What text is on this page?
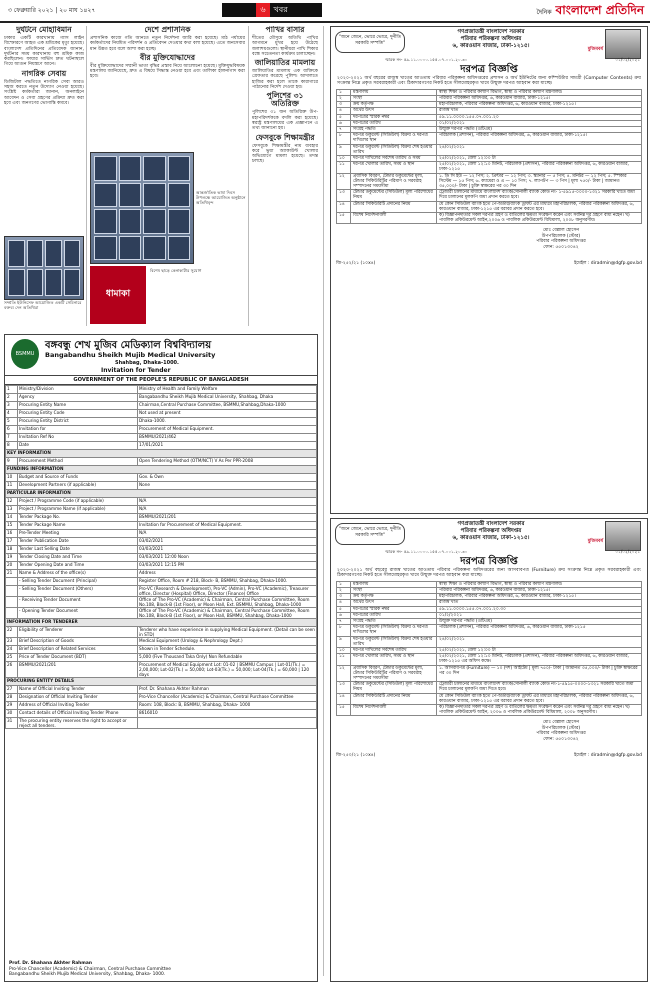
৩ ফেব্রুয়ারি ২০২১ | ২০ মাঘ ১৪২৭	৬ খবর	দৈনিক বাংলাদেশ প্রতিদিন
দুর্ঘটনে মোহাবিমান

ঢাকার একটি কারখানায় গ্যাস লাইন বিস্ফোরণে আহত এক শ্রমিকের মৃত্যু হয়েছে। বাংলাদেশ প্রতিদিনের প্রতিবেদক জানান, দুর্ঘটনার সময় কারখানায় বহু শ্রমিক কাজ করছিলেন। ফায়ার সার্ভিস দ্রুত ঘটনাস্থলে গিয়ে আগুন নিয়ন্ত্রণে আনে।

নাগরিক সেবায়

ডিজিটাল পদ্ধতিতে নাগরিক সেবা আরও সহজ করতে নতুন উদ্যোগ নেওয়া হয়েছে। সংশ্লিষ্ট কর্মকর্তারা জানান, অনলাইনে আবেদন ও সেবা গ্রহণের প্রক্রিয়া দ্রুত করা হবে এবং জনগণের ভোগান্তি কমবে।

সম্প্রতি ইউনিসেফ আয়োজিত একটি সেমিনারে বক্তব্য দেন অতিথিরা
দেশে প্রশাসনিক

প্রশাসনিক কাজে গতি আনতে নতুন নির্দেশনা জারি করা হয়েছে। মাঠ পর্যায়ের কর্মকর্তাদের নিয়মিত পরিদর্শন ও প্রতিবেদন দেওয়ার কথা বলা হয়েছে। এতে জনসেবার মান উন্নত হবে বলে আশা করা হচ্ছে।

বীর মুক্তিযোদ্ধাদের

বীর মুক্তিযোদ্ধাদের সম্মানী ভাতা বৃদ্ধির প্রস্তাব নিয়ে আলোচনা হয়েছে। মুক্তিযুদ্ধবিষয়ক মন্ত্রণালয় জানিয়েছে, দ্রুত এ বিষয়ে সিদ্ধান্ত নেওয়া হবে এবং তালিকা হালনাগাদ করা হবে।

আন্তর্জাতিক ভাষা দিবস উপলক্ষে আয়োজিত অনুষ্ঠানে অতিথিবৃন্দ
ধামাকা
বিশেষ ছাড়ে কেনাকাটার সুযোগ
পাখির বাসার

শীতের মৌসুমে অতিথি পাখির আগমনে মুখর হয়ে উঠেছে জলাশয়গুলো। স্থানীয়রা পাখি শিকার বন্ধে সচেতনতা কার্যক্রম চালাচ্ছেন।

জালিয়াতির মামলায়

জালিয়াতির মামলায় এক ব্যক্তিকে গ্রেফতার করেছে পুলিশ। আদালতে হাজির করা হলে তাকে কারাগারে পাঠানোর নির্দেশ দেওয়া হয়।

পুলিশের ৩১ অতিরিক্ত

পুলিশের ৩১ জন অতিরিক্ত উপ-মহাপরিদর্শককে বদলি করা হয়েছে। স্বরাষ্ট্র মন্ত্রণালয়ের এক প্রজ্ঞাপনে এ তথ্য জানানো হয়।

ফেসবুকে শিক্ষামন্ত্রীর

ফেসবুকে শিক্ষামন্ত্রীর নাম ব্যবহার করে ভুয়া অ্যাকাউন্ট খোলার অভিযোগে মামলা হয়েছে। তদন্ত চলছে।

BSMMU
বঙ্গবন্ধু শেখ মুজিব মেডিক্যাল বিশ্ববিদ্যালয়
Bangabandhu Sheikh Mujib Medical University
Shahbag, Dhaka-1000.
Invitation for Tender
GOVERNMENT OF THE PEOPLE'S REPUBLIC OF BANGLADESH
1	Ministry/Division	Ministry of Health and Family Welfare
2	Agency	Bangabandhu Sheikh Mujib Medical University, Shahbag, Dhaka
3	Procuring Entity Name	Chairman,Central Purchase Committee, BSMMU,Shahbag,Dhaka-1000
4	Procuring Entity Code	Not used at present
5	Procuring Entity District	Dhaka-1000.
6	Invitation for	Procurement of Medical Equipment.
7	Invitation Ref No	BSMMU/2021/462
8	Date	17/01/2021
KEY INFORMATION		
9	Procurement Method	Open Tendering Method (OTM/NCT) V As Per PPR-2008
FUNDING INFORMATION		
10	Budget and Source of Funds	Gov. & Own
11	Development Partners (if applicable)	None
PARTICULAR INFORMATION		
12	Project / Programme Code (if applicable)	N/A
13	Project / Programme Name (if applicable)	N/A
14	Tender Package No.	BSMMU/2021/201
15	Tender Package Name	Invitation for Procurement of Medical Equipment.
16	Pre-Tender Meeting	N/A
17	Tender Publication Date	03/02/2021
18	Tender Last Selling Date	03/03/2021
19	Tender Closing Date and Time	03/03/2021 12:00 Noon
20	Tender Opening Date and Time	03/03/2021 12:15 PM
21	Name & Address of the office(s)	Address
	- Selling Tender Document (Principal)	Register Office, Room # 218, Block- B, BSMMU, Shahbag, Dhaka-1000.
	- Selling Tender Document (Others)	Pro-VC (Research & Development), Pro-VC (Admin), Pro-VC (Academic), Treasurer office, Director (Hospital) Office, Director (Finance) Office
	- Receiving Tender Document	Office of The Pro-VC (Academic) & Chairman, Central Purchase Committee, Room No.108, Block-B (1st Floor), or Moon Hall, Ext. BSMMU, Shahbag, Dhaka-1000
	- Opening Tender Document	Office of The Pro-VC (Academic) & Chairman, Central Purchase Committee, Room No.108, Block-B (1st Floor), or Moon Hall, BSMMU, Shahbag, Dhaka-1000
INFORMATION FOR TENDERER		
22	Eligibility of Tenderer	Tenderer who have experience in supplying Medical Equipment. (Detail can be seen in STD)
23	Brief Description of Goods	Medical Equipment (Urology & Nephrology Dept.)
24	Brief Description of Related Services	Shown in Tender Schedule.
25	Price of Tender Document (BDT)	5,000 (Five Thousand Taka Only) Non Refundable
26	BSMMU/2021/201	Procurement of Medical Equipment Lot: 01-02 | BSMMU Campus | Lot-01(Tk.) = 2,00,000; Lot-02(Tk.) = 50,000; Lot-03(Tk.) = 50,000; Lot-04(Tk.) = 60,000 | 120 days
PROCURING ENTITY DETAILS		
27	Name of Official Inviting Tender	Prof. Dr. Shahana Akhter Rahman
28	Designation of Official Inviting Tender	Pro-Vice Chancellor (Academic) & Chairman, Central Purchase Committee
29	Address of Official Inviting Tender	Room: 108, Block: B, BSMMU, Shahbag, Dhaka- 1000
30	Contact details of Official Inviting Tender Phone	8616010
31	The procuring entity reserves the right to accept or reject all tenders.	
Prof. Dr. Shahana Akhter Rahman
Pro-Vice Chancellor (Academic) & Chairman, Central Purchase Committee
Bangabandhu Sheikh Mujib Medical University, Shahbag, Dhaka- 1000.
"জনে জেনে, ভোরে ভোরে, দুর্নীতি সরকারি সম্পত্তি"
গণপ্রজাতন্ত্রী বাংলাদেশ সরকার
পরিবার পরিকল্পনা অধিদপ্তর
৬, কারওয়ান বাজার, ঢাকা-১২১৫।
মুজিববর্ষ
স্মারক নং- ৫৯.১১.০০০০.১৫৫.০৭.০০১.২০.৩০	০১/০২/২০২১
দরপত্র বিজ্ঞপ্তি
২০২০-২০২১ অর্থ বছরের রাজস্ব খাতের আওতায় পরিবার পরিকল্পনা অধিদপ্তরের প্রশাসন ও অর্থ ইউনিটের জন্য কম্পিউটার সামগ্রী (Computer Contents) ক্রয় সংক্রান্ত নিম্নে প্রকৃত সরবরাহকারী এবং ঠিকাদারগণের নিকট হতে সীলমোহরকৃত খামে উন্মুক্ত দরপত্র আহবান করা যাচ্ছে।
১	মন্ত্রণালয়	স্বাস্থ্য শিক্ষা ও পরিবার কল্যাণ বিভাগ, স্বাস্থ্য ও পরিবার কল্যাণ মন্ত্রণালয়।
২	সংস্থা	পরিবার পরিকল্পনা অধিদপ্তর, ৬, কারওয়ান বাজার, ঢাকা-১২১৫।
৩	ক্রয় কর্তৃপক্ষ	মহাপরিচালক, পরিবার পরিকল্পনা অধিদপ্তর, ৬, কারওয়ান বাজার, ঢাকা-১২১৫।
৪	অর্থের উৎস	রাজস্ব খাত
৫	দরপত্রের স্মারক নম্বর	৫৯.১১.০০০০.১৫৫.০৭.০০১.২০
৬	দরপত্রের তারিখ	০১/০২/২০২১
৭	সংগ্রহ পদ্ধতি	উন্মুক্ত দরপত্র পদ্ধতি (ওটিএম)
৮	দরপত্র ডকুমেন্ট (সিডিউল) বিক্রয় ও দরপত্র দাখিলের স্থান	পরিচালক (প্রশাসন), পরিবার পরিকল্পনা অধিদপ্তর, ৬, কারওয়ান বাজার, ঢাকা-১২১৫।
৯	দরপত্র ডকুমেন্ট (সিডিউল) বিক্রয় শেষ হওয়ার তারিখ	২৪/০২/২০২১
১০	দরপত্র দাখিলের সর্বশেষ তারিখ ও সময়	২৫/০২/২০২১, বেলা ১২:০০ টা
১১	দরপত্র খোলার তারিখ, সময় ও স্থান	২৫/০২/২০২১, বেলা ১২:১০ মিনিট, পরিচালক (প্রশাসন), পরিবার পরিকল্পনা অধিদপ্তর, ৬, কারওয়ান বাজার, ঢাকা-১২১৫
১২	প্রবাসিক বিবরণ, টেন্ডার ডকুমেন্টের মূল্য, টেন্ডার সিকিউরিটির পরিমাণ ও সরবরাহ সম্পাদনের সময়সীমা	১. ডি সি ইউ — ১২ পিস; ২. প্রিন্টার — ১২ পিস; ৩. স্ক্যানার — ৫ পিস; ৪. মনিটর — ১২ পিস; ৫. স্পিকার সিস্টেম — ১৫ পিস; ৬. ক্যামেরা ও এ — ১০ পিস; ৭. ল্যাপটপ — ৩ পিস | মূল্য ৭৫০/- টাকা | জামানত ৩৫,০০০/- টাকা | চুক্তি স্বাক্ষরের পর ৩০ দিন
১৩	টেন্ডার ডকুমেন্টের (সিডিউল) মূল্য পরিশোধের নিয়ম	ট্রেজারী চালানের মাধ্যমে বাংলাদেশ ব্যাংক/সোনালী ব্যাংক কোড নং- ১-৫৯১৫-০০০০-১৩২১ সরকারি খাতে জমা দিয়ে চালানের মূলকপি জমা প্রদান করতে হবে।
১৪	টেন্ডার সিকিউরিটি প্রদানের নিয়ম	যে কোন সিডিউল ব্যাংক হতে পে-অর্ডার/ব্যাংক ড্রাফট এর মাধ্যমে মহাপরিচালক, পরিবার পরিকল্পনা অধিদপ্তর, ৬, কারওয়ান বাজার, ঢাকা-১২১৫ এর বরাবর প্রদান করতে হবে।
১৫	বিশেষ নির্দেশনাবলী	ক) বিজ্ঞাপনদাতার সকল দরপত্র গ্রহণ ও বাতিলের ক্ষমতা সংরক্ষণ করেন এবং সর্বনিম্ন দর গ্রহণে বাধ্য নহেন। খ) পাবলিক প্রকিউরমেন্ট আইন,২০০৬ ও পাবলিক প্রকিউরমেন্ট বিধিমালা, ২০০৮ অনুসরণীয়।
মোঃ বেল্লাল হোসেন
উপপরিচালক (স্টোর)
পরিবার পরিকল্পনা অধিদপ্তর
ফোন: ৫৫০১৩০৪২
জি-২৫২/২১ (১০x৪)	ইমেইল : diradmin@dgfp.gov.bd
"জনে জেনে, ভোরে ভোরে, দুর্নীতি সরকারি সম্পত্তি"
গণপ্রজাতন্ত্রী বাংলাদেশ সরকার
পরিবার পরিকল্পনা অধিদপ্তর
৬, কারওয়ান বাজার, ঢাকা-১২১৫।
মুজিববর্ষ
স্মারক নং- ৫৯.১১.০০০০.১৫৫.০৭.০০১.২০.৩০	০১/০২/২০২১
দরপত্র বিজ্ঞপ্তি
২০২০-২০২১ অর্থ বছরের রাজস্ব খাতের আওতায় পরিবার পরিকল্পনা অধিদপ্তরের জন্য আসবাবপত্র (Furniture) ক্রয় সংক্রান্ত নিম্নে প্রকৃত সরবরাহকারী এবং ঠিকাদারগণের নিকট হতে সীলমোহরকৃত খামে উন্মুক্ত দরপত্র আহবান করা যাচ্ছে।
১	মন্ত্রণালয়	স্বাস্থ্য শিক্ষা ও পরিবার কল্যাণ বিভাগ, স্বাস্থ্য ও পরিবার কল্যাণ মন্ত্রণালয়।
২	সংস্থা	পরিবার পরিকল্পনা অধিদপ্তর, ৬, কারওয়ান বাজার, ঢাকা-১২১৫।
৩	ক্রয় কর্তৃপক্ষ	মহাপরিচালক, পরিবার পরিকল্পনা অধিদপ্তর, ৬, কারওয়ান বাজার, ঢাকা-১২১৫।
৪	অর্থের উৎস	রাজস্ব খাত
৫	দরপত্রের স্মারক নম্বর	৫৯.১১.০০০০.১৫৫.০৭.০০১.২০.৩০
৬	দরপত্রের তারিখ	০১/২/২০২১
৭	সংগ্রহ পদ্ধতি	উন্মুক্ত দরপত্র পদ্ধতি (ওটিএম)
৮	দরপত্র ডকুমেন্ট (সিডিউল) বিক্রয় ও দরপত্র দাখিলের স্থান	পরিচালক (প্রশাসন), পরিবার পরিকল্পনা অধিদপ্তর, ৬, কারওয়ান বাজার, ঢাকা-১২১৫
৯	দরপত্র ডকুমেন্ট (সিডিউল) বিক্রয় শেষ হওয়ার তারিখ	২৪/০২/২০২১
১০	দরপত্র দাখিলের সর্বশেষ তারিখ	২৫/০২/২০২১, বেলা ১২:০০ টা
১১	দরপত্র খোলার তারিখ, সময় ও স্থান	২৫/০২/২০২১, বেলা ১২:১০ মিনিট, পরিচালক (প্রশাসন), পরিবার পরিকল্পনা অধিদপ্তর, ৬, কারওয়ান বাজার, ঢাকা-১২১৫ এর অফিস কক্ষে।
১২	প্রবাসিক বিবরণ, টেন্ডার ডকুমেন্টের মূল্য, টেন্ডার সিকিউরিটির পরিমাণ ও সরবরাহ সম্পাদনের সময়সীমা	১. আসবাবপত্র (Furniture) — ১০ (দশ) আইটেম | মূল্য ৭৫০/- টাকা | জামানত ৩৫,০০০/- টাকা | চুক্তি স্বাক্ষরের পর ৩০ দিন
১৩	টেন্ডার ডকুমেন্টের (সিডিউল) মূল্য পরিশোধের নিয়ম	ট্রেজারী চালানের মাধ্যমে বাংলাদেশ ব্যাংক/সোনালী ব্যাংক কোড নং-১-৫৯১৫-০০০০-১৩২১ সরকারি খাতে জমা দিয়ে চালানের মূলকপি জমা দিতে হবে।
১৪	টেন্ডার সিকিউরিটি প্রদানের নিয়ম	যে কোন সিডিউল ব্যাংক হতে পে-অর্ডার/ব্যাংক ড্রাফট এর মাধ্যমে মহাপরিচালক, পরিবার পরিকল্পনা অধিদপ্তর, ৬, কারওয়ান বাজার, ঢাকা-১২১৫ এর বরাবর প্রদান করতে হবে।
১৫	বিশেষ নির্দেশনাবলী	ক) বিজ্ঞাপনদাতার সকল দরপত্র গ্রহণ ও বাতিলের ক্ষমতা সংরক্ষণ করেন এবং সর্বনিম্ন দর গ্রহণে বাধ্য নহেন। খ) পাবলিক প্রকিউরমেন্ট আইন, ২০০৬ ও পাবলিক প্রকিউরমেন্ট বিধিমালা, ২০০৮ অনুসরণীয়।
মোঃ বেল্লাল হোসেন
উপপরিচালক (স্টোর)
পরিবার পরিকল্পনা অধিদপ্তর
ফোন: ৫৫০১৩০৪২
জি-২৫০/২১ (১০x৪)	ইমেইল : diradmin@dgfp.gov.bd
